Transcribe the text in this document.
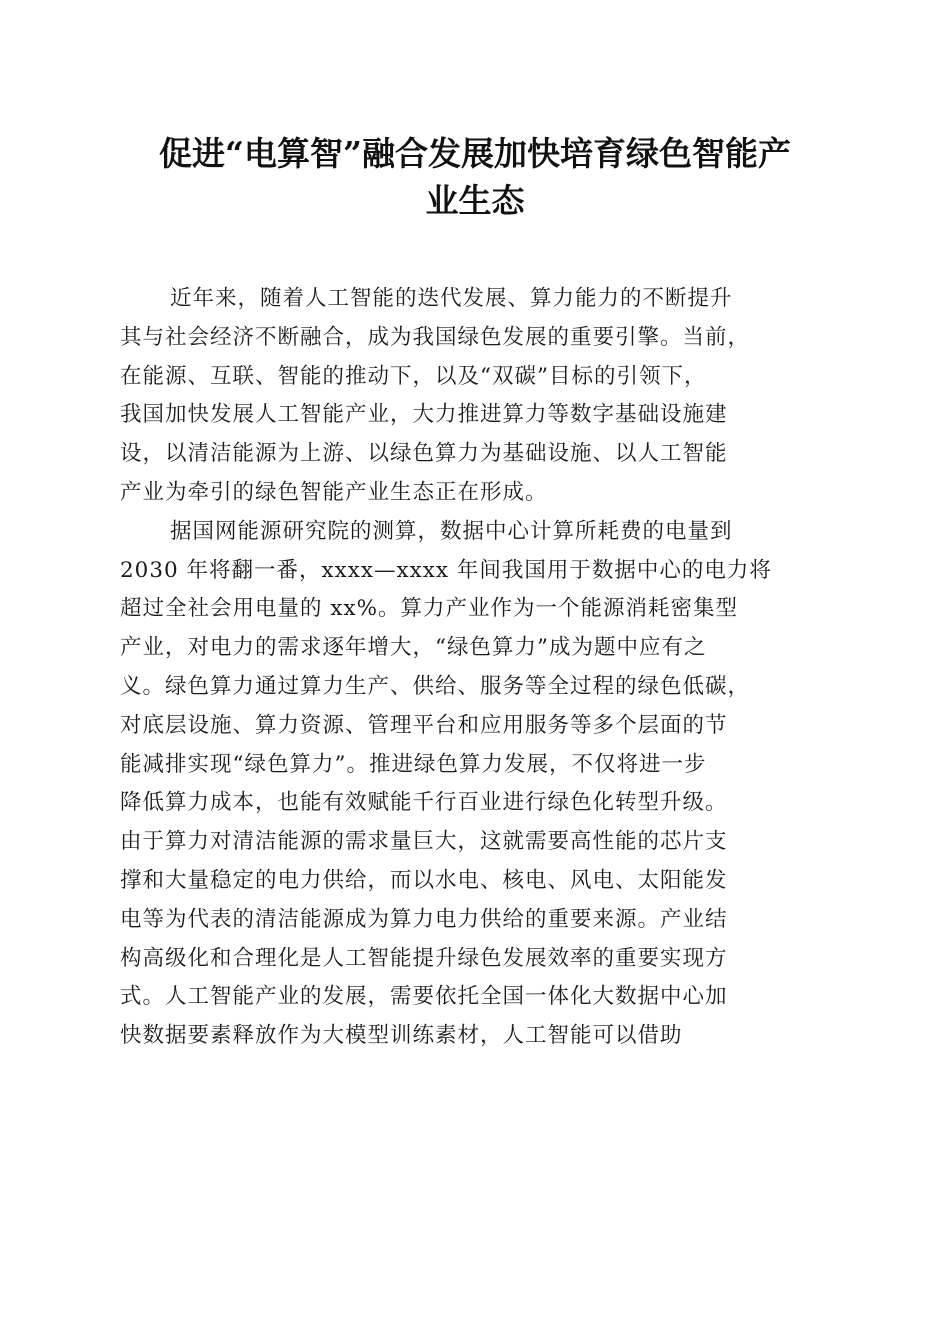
促进“电算智”融合发展加快培育绿色智能产
业生态
近年来，随着人工智能的迭代发展、算力能力的不断提升
其与社会经济不断融合，成为我国绿色发展的重要引擎。当前，
在能源、互联、智能的推动下，以及“双碳”目标的引领下，
我国加快发展人工智能产业，大力推进算力等数字基础设施建
设，以清洁能源为上游、以绿色算力为基础设施、以人工智能
产业为牵引的绿色智能产业生态正在形成。
据国网能源研究院的测算，数据中心计算所耗费的电量到
2030 年将翻一番，xxxx—xxxx 年间我国用于数据中心的电力将
超过全社会用电量的 xx%。算力产业作为一个能源消耗密集型
产业，对电力的需求逐年增大，“绿色算力”成为题中应有之
义。绿色算力通过算力生产、供给、服务等全过程的绿色低碳，
对底层设施、算力资源、管理平台和应用服务等多个层面的节
能减排实现“绿色算力”。推进绿色算力发展，不仅将进一步
降低算力成本，也能有效赋能千行百业进行绿色化转型升级。
由于算力对清洁能源的需求量巨大，这就需要高性能的芯片支
撑和大量稳定的电力供给，而以水电、核电、风电、太阳能发
电等为代表的清洁能源成为算力电力供给的重要来源。产业结
构高级化和合理化是人工智能提升绿色发展效率的重要实现方
式。人工智能产业的发展，需要依托全国一体化大数据中心加
快数据要素释放作为大模型训练素材，人工智能可以借助
